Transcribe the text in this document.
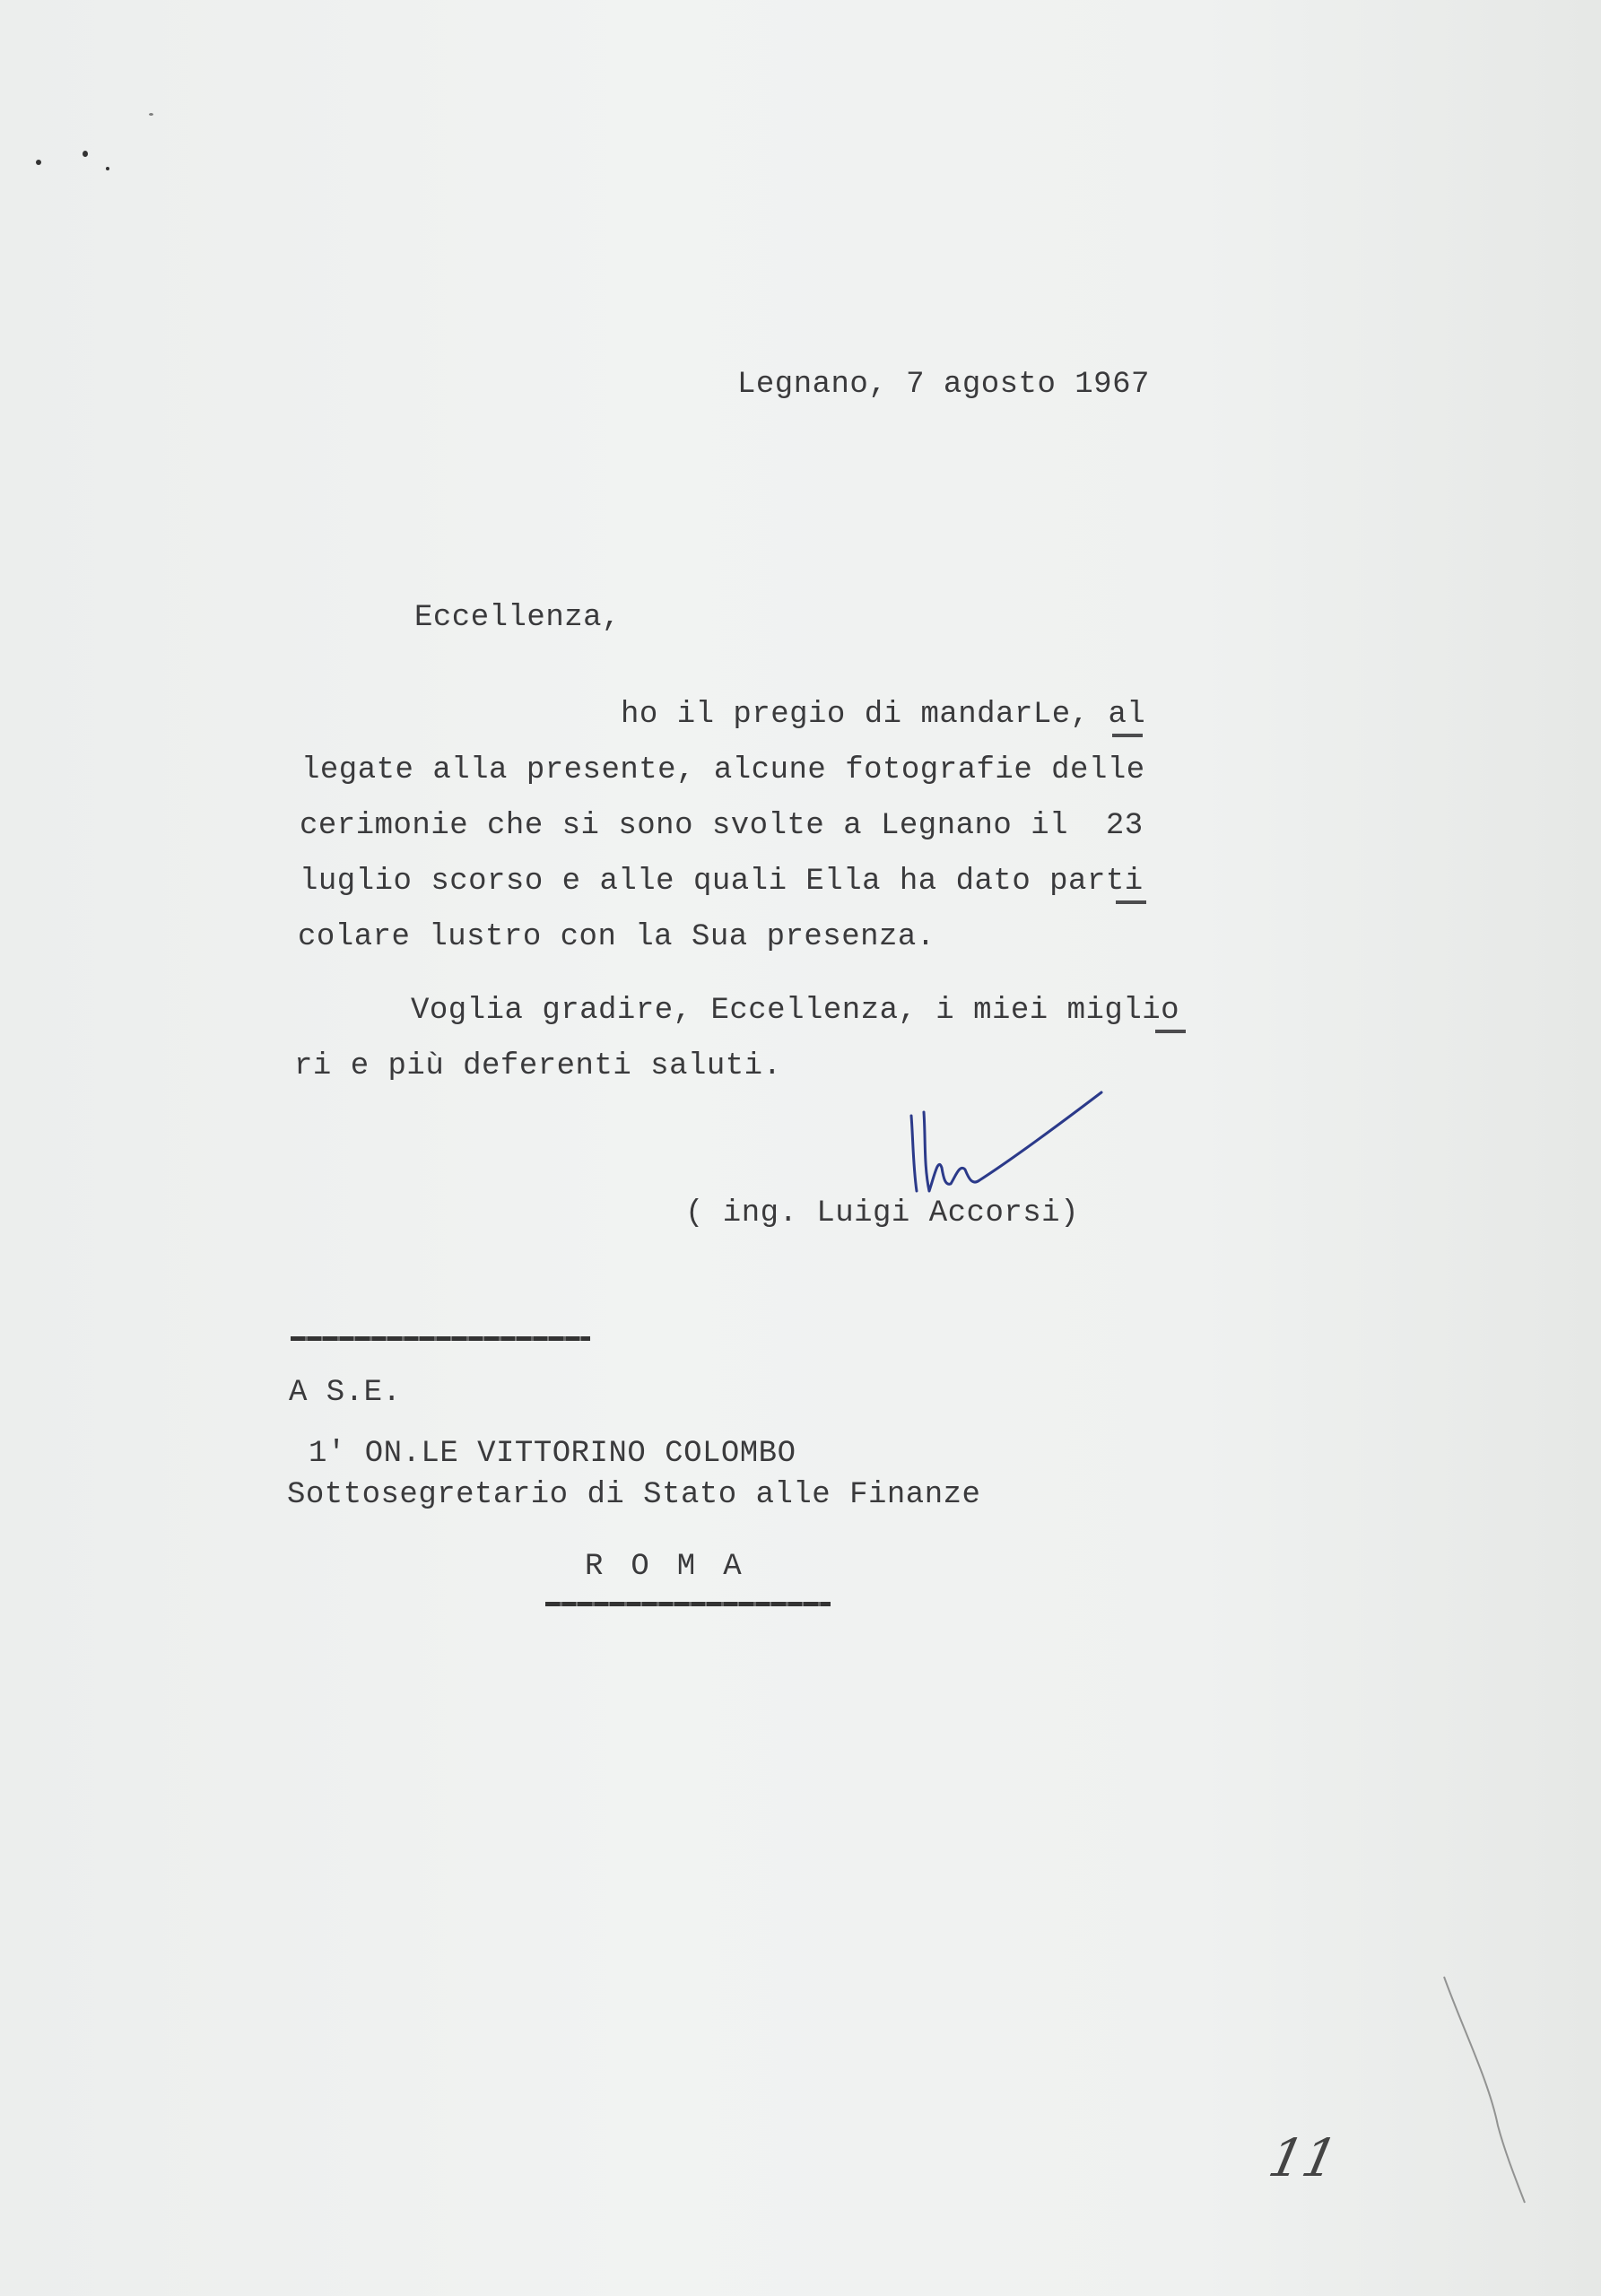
Legnano, 7 agosto 1967
Eccellenza,
ho il pregio di mandarLe, al
legate alla presente, alcune fotografie delle
cerimonie che si sono svolte a Legnano il  23
luglio scorso e alle quali Ella ha dato parti
colare lustro con la Sua presenza.
Voglia gradire, Eccellenza, i miei miglio
ri e più deferenti saluti.
( ing. Luigi Accorsi)
A S.E.
1' ON.LE VITTORINO COLOMBO
Sottosegretario di Stato alle Finanze
ROMA
11
